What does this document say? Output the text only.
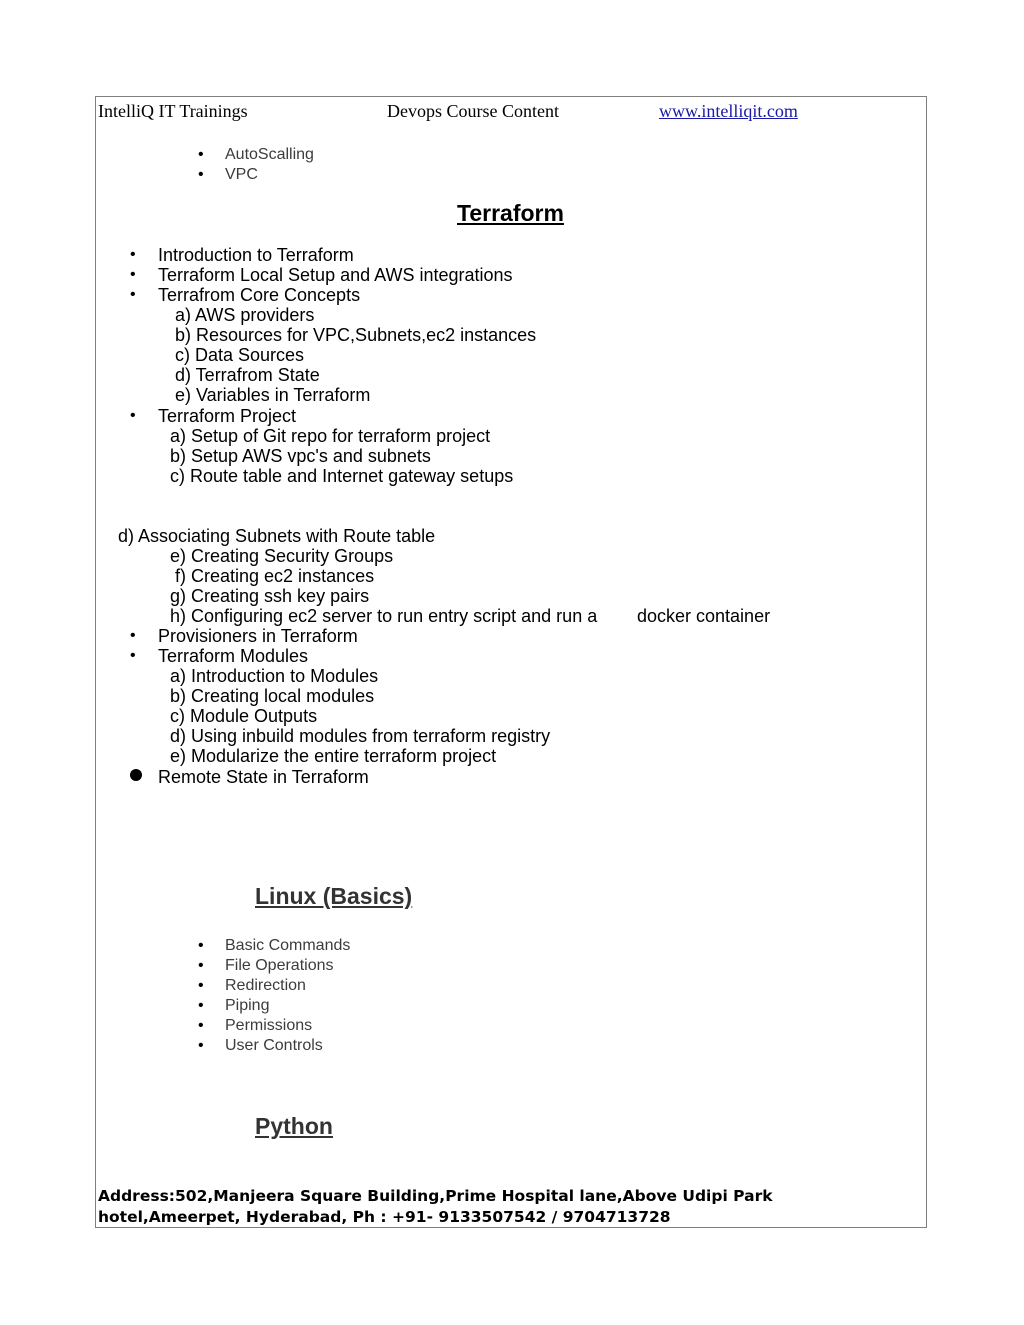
IntelliQ IT Trainings	Devops Course Content	www.intelliqit.com
• AutoScalling
• VPC
Terraform
• Introduction to Terraform
• Terraform Local Setup and AWS integrations
• Terrafrom Core Concepts
a) AWS providers
b) Resources for VPC,Subnets,ec2 instances
c) Data Sources
d) Terrafrom State
e) Variables in Terraform
• Terraform Project
a) Setup of Git repo for terraform project
b) Setup AWS vpc's and subnets
c) Route table and Internet gateway setups
d) Associating Subnets with Route table
e) Creating Security Groups
f) Creating ec2 instances
g) Creating ssh key pairs
h) Configuring ec2 server to run entry script and run a docker container
• Provisioners in Terraform
• Terraform Modules
a) Introduction to Modules
b) Creating local modules
c) Module Outputs
d) Using inbuild modules from terraform registry
e) Modularize the entire terraform project
Remote State in Terraform
Linux (Basics)
• Basic Commands
• File Operations
• Redirection
• Piping
• Permissions
• User Controls
Python
Address:502,Manjeera Square Building,Prime Hospital lane,Above Udipi Park
hotel,Ameerpet, Hyderabad, Ph : +91- 9133507542 / 9704713728
